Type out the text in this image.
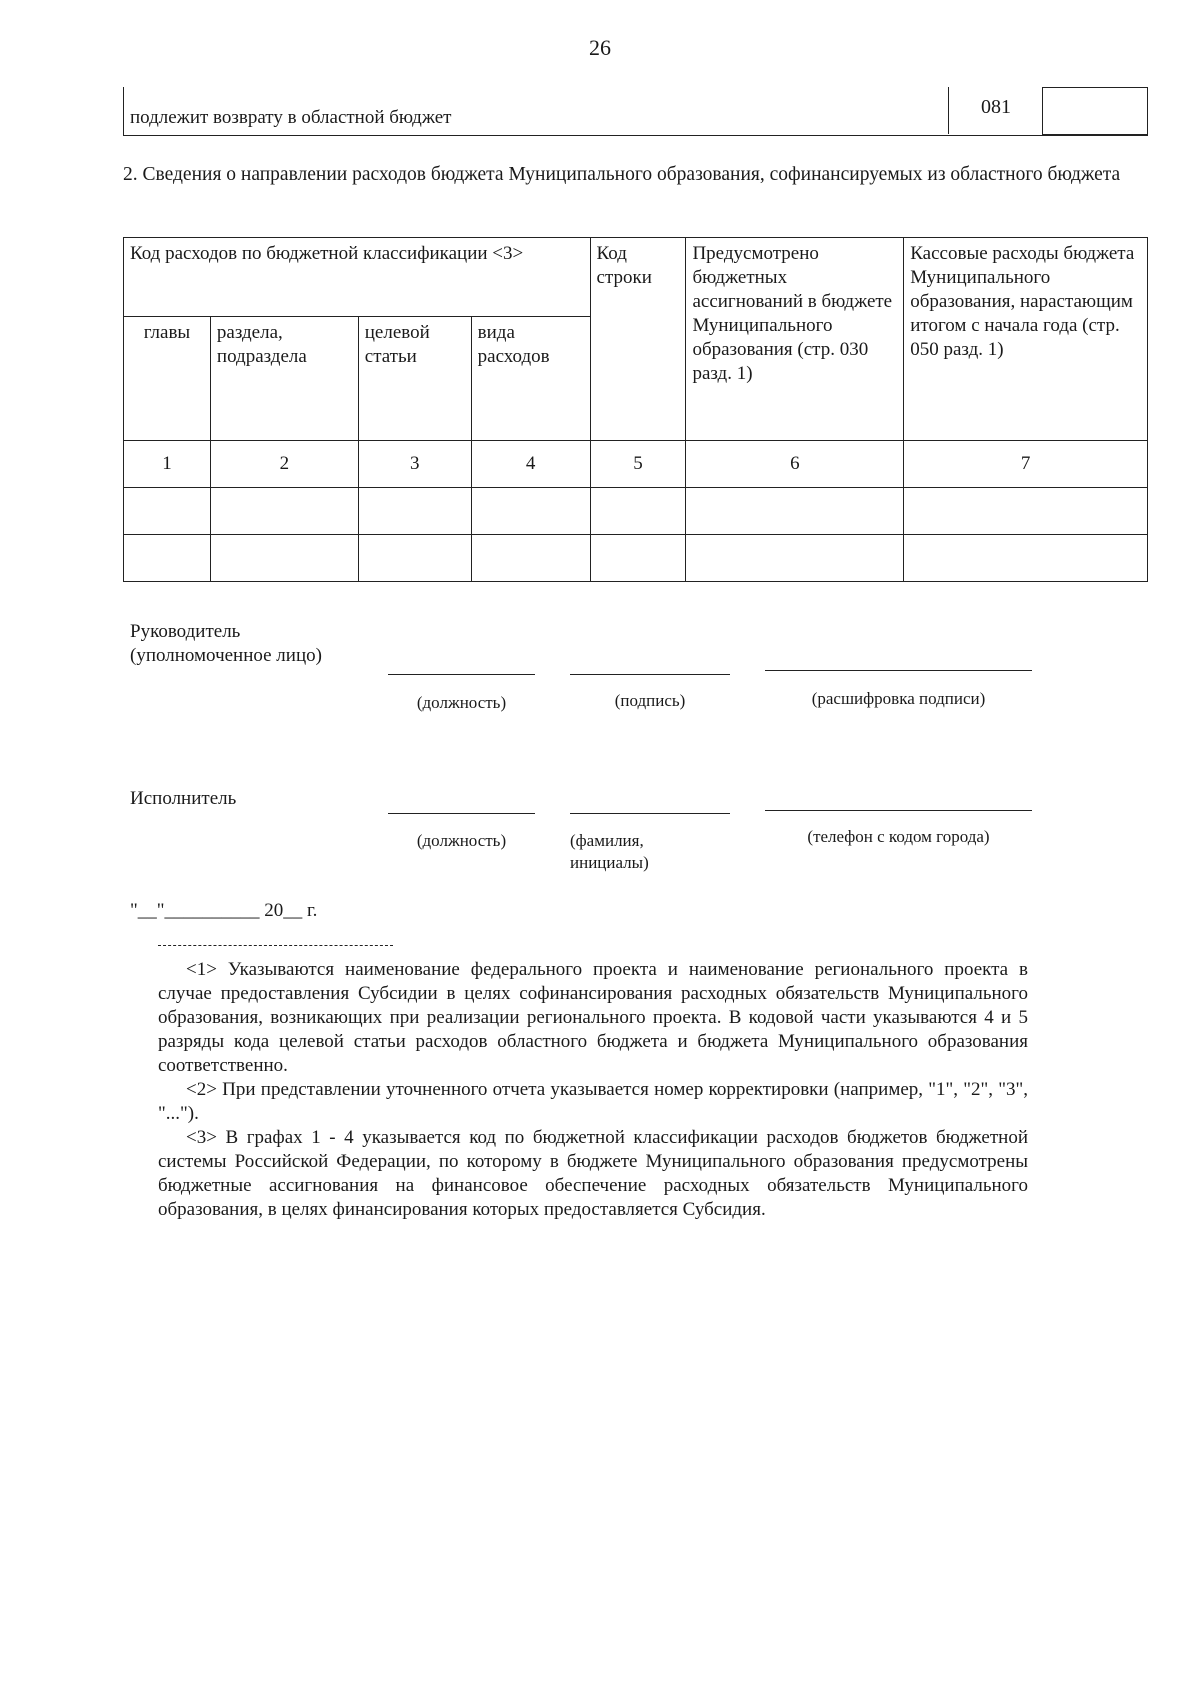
26
подлежит возврату в областной бюджет	081
2. Сведения о направлении расходов бюджета Муниципального образования, софинансируемых из областного бюджета
Код расходов по бюджетной классификации <3>				Код строки	Предусмотрено бюджетных ассигнований в бюджете Муниципального образования (стр. 030 разд. 1)	Кассовые расходы бюджета Муниципального образования, нарастающим итогом с начала года (стр. 050 разд. 1)
главы	раздела, подраздела	целевой статьи	вида расходов			
1	2	3	4	5	6	7

Руководитель
(уполномоченное лицо)
(должность)	(подпись)	(расшифровка подписи)
Исполнитель
(должность)	(фамилия, инициалы)
(телефон с кодом города)
"__"__________ 20__ г.

<1> Указываются наименование федерального проекта и наименование регионального проекта в случае предоставления Субсидии в целях софинансирования расходных обязательств Муниципального образования, возникающих при реализации регионального проекта. В кодовой части указываются 4 и 5 разряды кода целевой статьи расходов областного бюджета и бюджета Муниципального образования соответственно.

<2> При представлении уточненного отчета указывается номер корректировки (например, "1", "2", "3", "...").

<3> В графах 1 - 4 указывается код по бюджетной классификации расходов бюджетов бюджетной системы Российской Федерации, по которому в бюджете Муниципального образования предусмотрены бюджетные ассигнования на финансовое обеспечение расходных обязательств Муниципального образования, в целях финансирования которых предоставляется Субсидия.
